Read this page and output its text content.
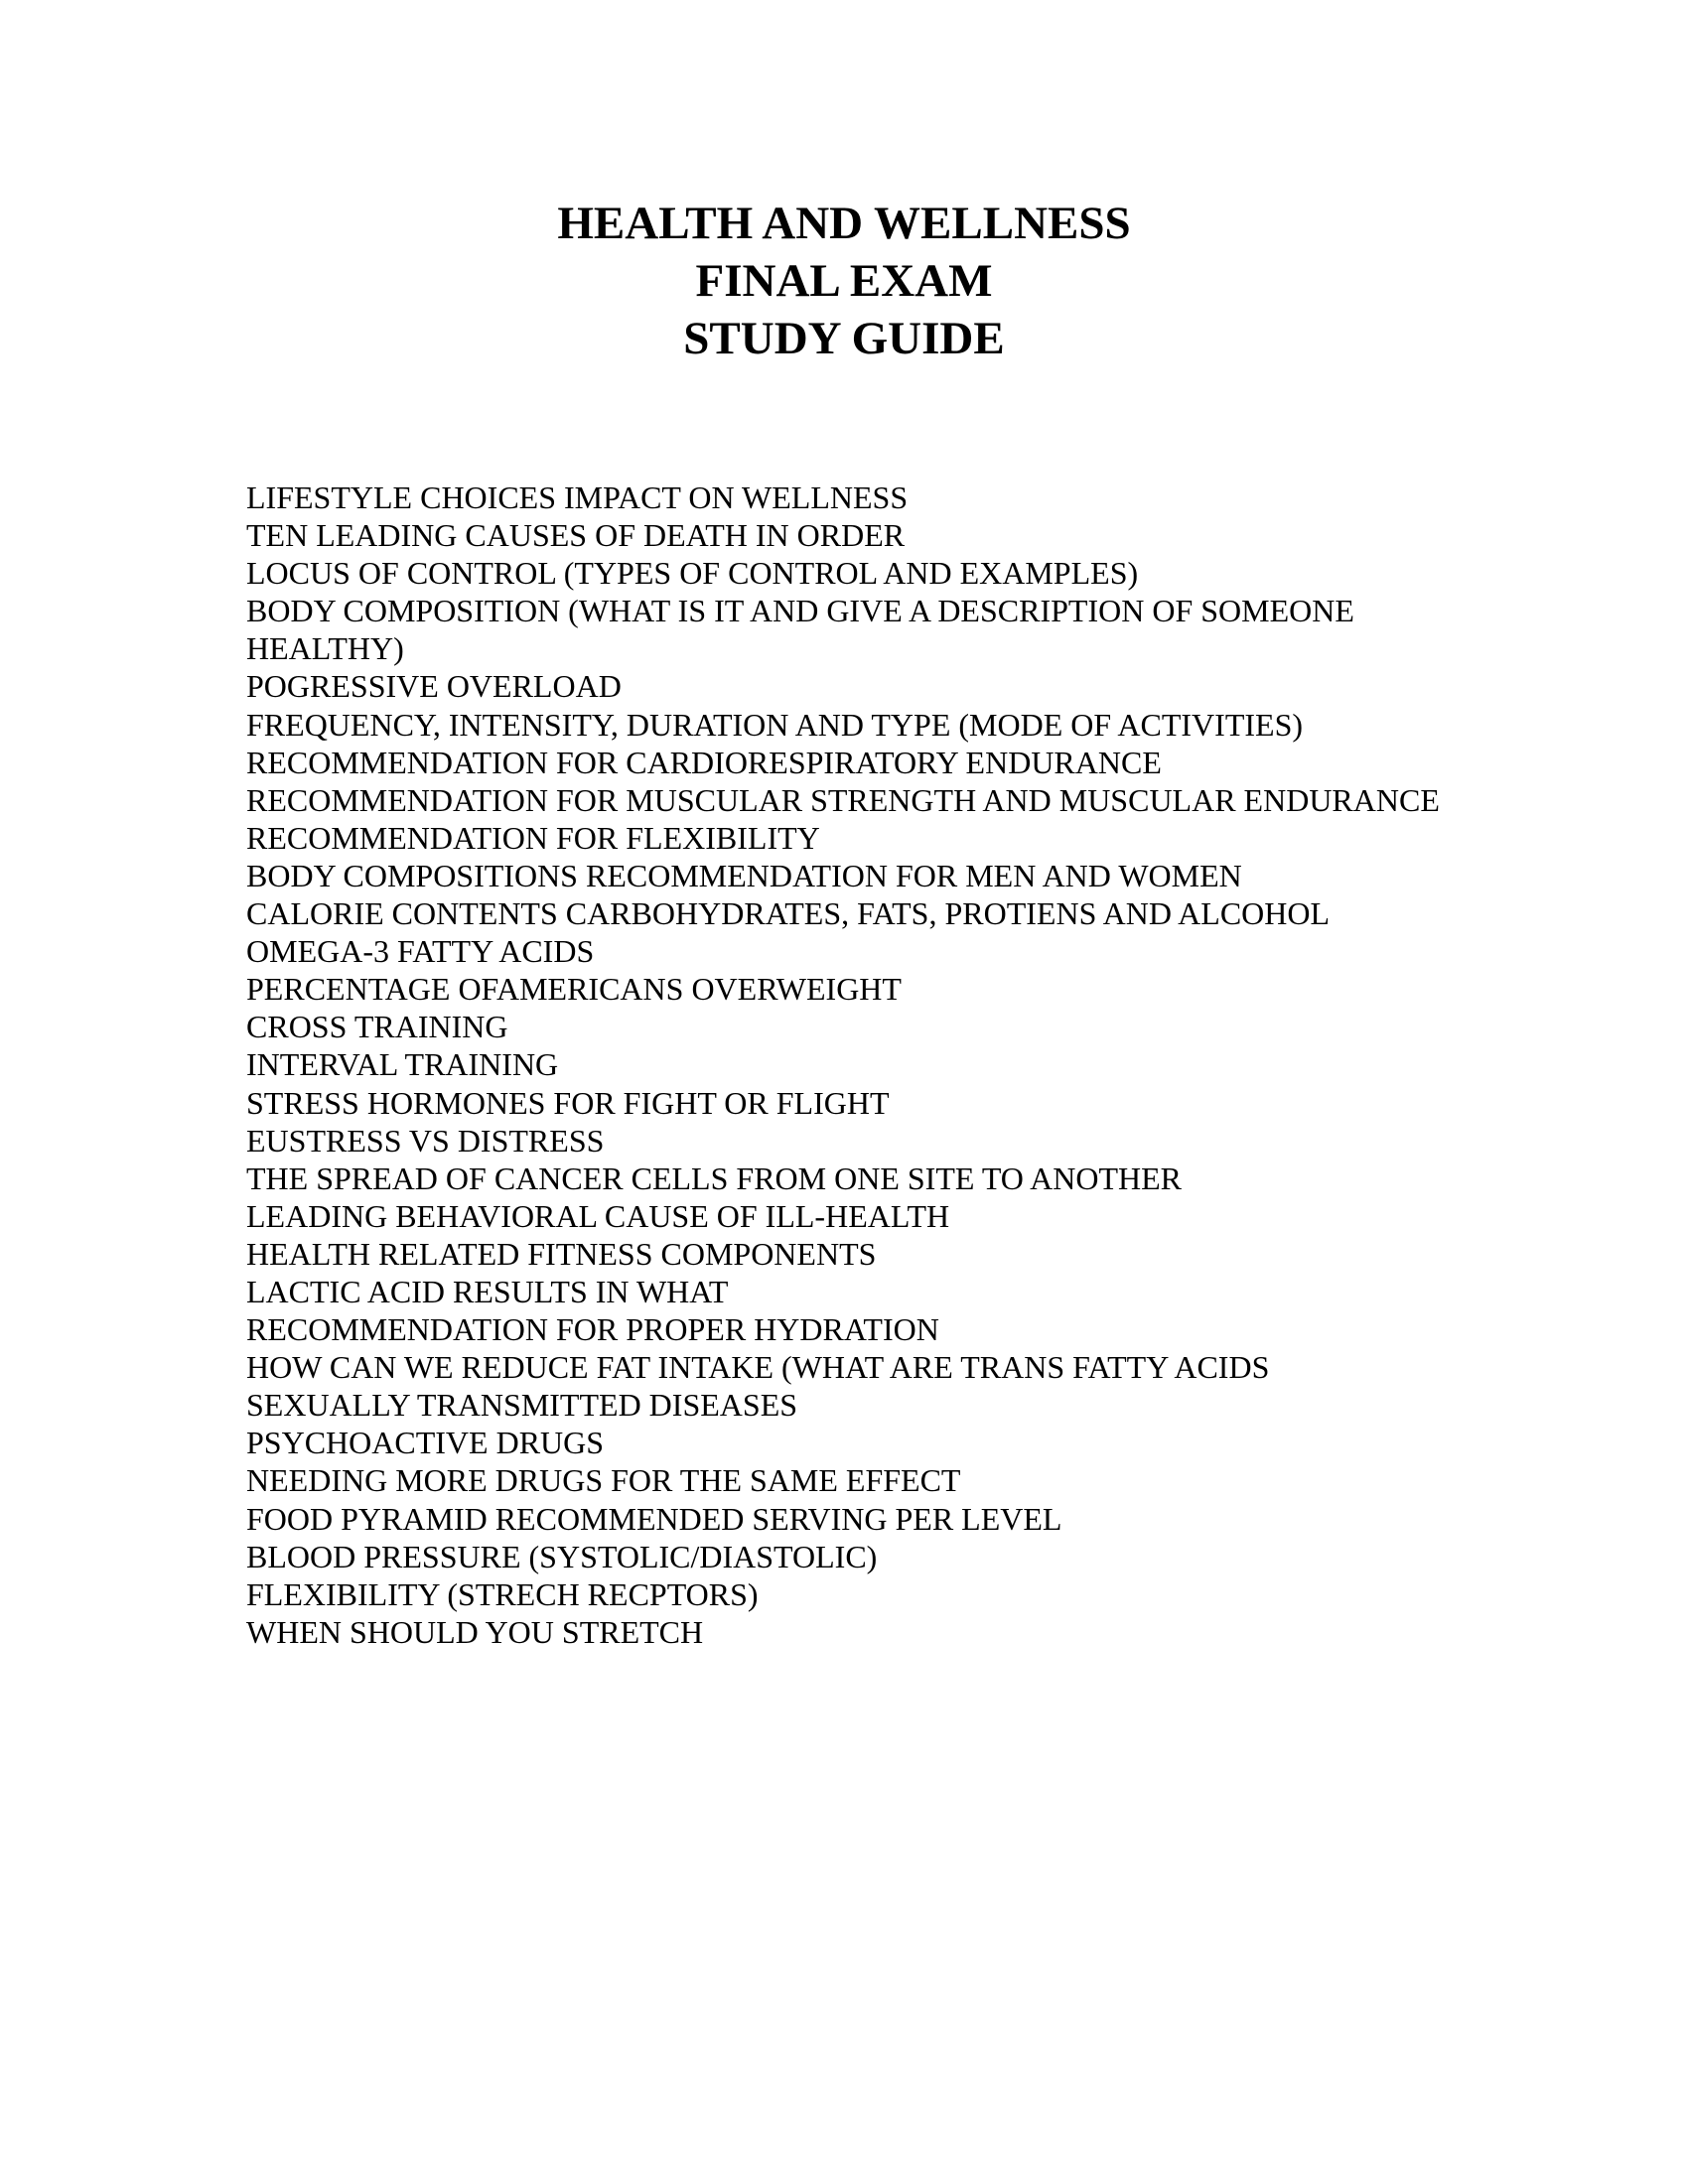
HEALTH AND WELLNESS

FINAL EXAM

STUDY GUIDE

LIFESTYLE CHOICES IMPACT ON WELLNESS
TEN LEADING CAUSES OF DEATH IN ORDER
LOCUS OF CONTROL (TYPES OF CONTROL AND EXAMPLES)
BODY COMPOSITION (WHAT IS IT AND GIVE A DESCRIPTION OF SOMEONE HEALTHY)
POGRESSIVE OVERLOAD
FREQUENCY, INTENSITY, DURATION AND TYPE (MODE OF ACTIVITIES)
RECOMMENDATION FOR CARDIORESPIRATORY ENDURANCE
RECOMMENDATION FOR MUSCULAR STRENGTH AND MUSCULAR ENDURANCE
RECOMMENDATION FOR FLEXIBILITY
BODY COMPOSITIONS RECOMMENDATION FOR MEN AND WOMEN
CALORIE CONTENTS CARBOHYDRATES, FATS, PROTIENS AND ALCOHOL
OMEGA-3 FATTY ACIDS
PERCENTAGE OFAMERICANS OVERWEIGHT
CROSS TRAINING
INTERVAL TRAINING
STRESS HORMONES FOR FIGHT OR FLIGHT
EUSTRESS VS DISTRESS
THE SPREAD OF CANCER CELLS FROM ONE SITE TO ANOTHER
LEADING BEHAVIORAL CAUSE OF ILL-HEALTH
HEALTH RELATED FITNESS COMPONENTS
LACTIC ACID RESULTS IN WHAT
RECOMMENDATION FOR PROPER HYDRATION
HOW CAN WE REDUCE FAT INTAKE (WHAT ARE TRANS FATTY ACIDS
SEXUALLY TRANSMITTED DISEASES
PSYCHOACTIVE DRUGS
NEEDING MORE DRUGS FOR THE SAME EFFECT
FOOD PYRAMID RECOMMENDED SERVING PER LEVEL
BLOOD PRESSURE (SYSTOLIC/DIASTOLIC)
FLEXIBILITY (STRECH RECPTORS)
WHEN SHOULD YOU STRETCH
